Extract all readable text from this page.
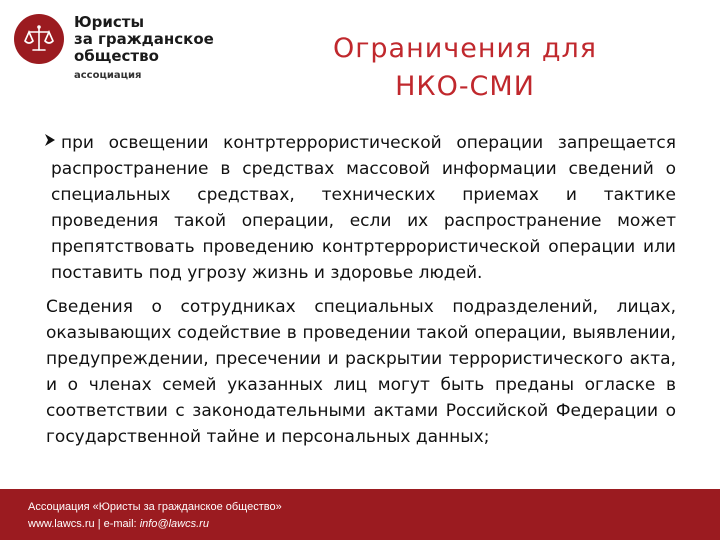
Юристы
за гражданское
общество
ассоциация
Ограничения для
НКО-СМИ
при освещении контртеррористической операции запрещается распространение в средствах массовой информации сведений о специальных средствах, технических приемах и тактике проведения такой операции, если их распространение может препятствовать проведению контртеррористической операции или поставить под угрозу жизнь и здоровье людей.
Сведения о сотрудниках специальных подразделений, лицах, оказывающих содействие в проведении такой операции, выявлении, предупреждении, пресечении и раскрытии террористического акта, и о членах семей указанных лиц могут быть преданы огласке в соответствии с законодательными актами Российской Федерации о государственной тайне и персональных данных;
Ассоциация «Юристы за гражданское общество»
www.lawcs.ru | e-mail: info@lawcs.ru
